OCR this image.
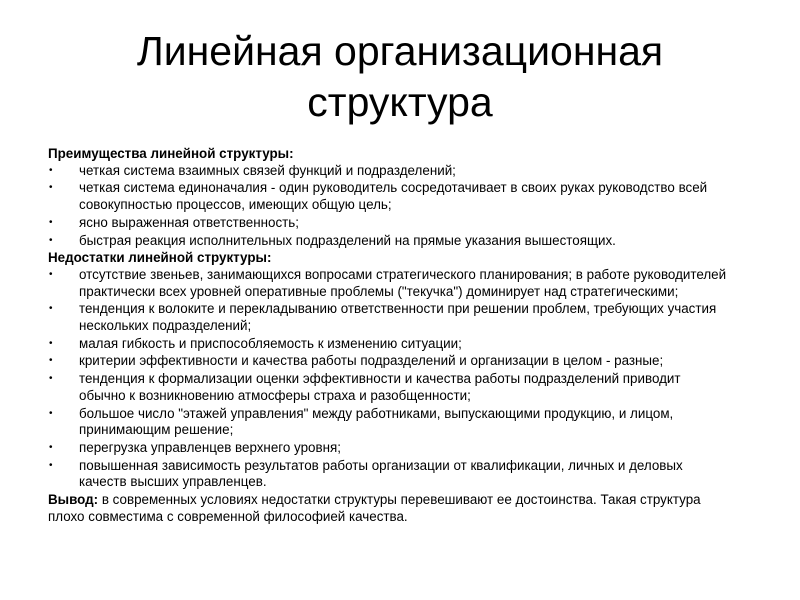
Линейная организационная
структура

Преимущества линейной структуры:

• четкая система взаимных связей функций и подразделений;
• четкая система единоначалия - один руководитель сосредотачивает в своих руках руководство всей совокупностью процессов, имеющих общую цель;
• ясно выраженная ответственность;
• быстрая реакция исполнительных подразделений на прямые указания вышестоящих.

Недостатки линейной структуры:

• отсутствие звеньев, занимающихся вопросами стратегического планирования; в работе руководителей практически всех уровней оперативные проблемы ("текучка") доминирует над стратегическими;
• тенденция к волоките и перекладыванию ответственности при решении проблем, требующих участия нескольких подразделений;
• малая гибкость и приспособляемость к изменению ситуации;
• критерии эффективности и качества работы подразделений и организации в целом - разные;
• тенденция к формализации оценки эффективности и качества работы подразделений приводит обычно к возникновению атмосферы страха и разобщенности;
• большое число "этажей управления" между работниками, выпускающими продукцию, и лицом, принимающим решение;
• перегрузка управленцев верхнего уровня;
• повышенная зависимость результатов работы организации от квалификации, личных и деловых качеств высших управленцев.

Вывод: в современных условиях недостатки структуры перевешивают ее достоинства. Такая структура плохо совместима с современной философией качества.
